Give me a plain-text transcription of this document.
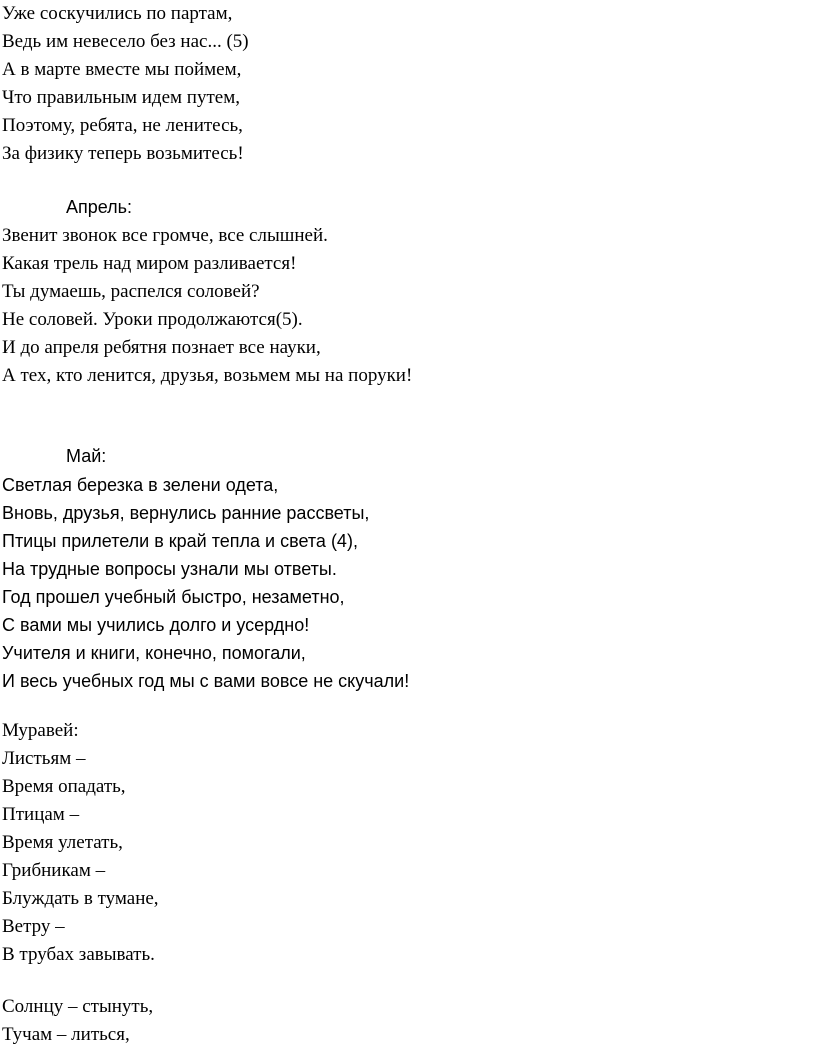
Уже соскучились по партам,
Ведь им невесело без нас... (5)
А в марте вместе мы поймем,
Что правильным идем путем,
Поэтому, ребята, не ленитесь,
За физику теперь возьмитесь!
Апрель:
Звенит звонок все громче, все слышней.
Какая трель над миром разливается!
Ты думаешь, распелся соловей?
Не соловей. Уроки продолжаются(5).
И до апреля ребятня познает все науки,
А тех, кто ленится, друзья, возьмем мы на поруки!
Май:
Светлая березка в зелени одета,
Вновь, друзья, вернулись ранние рассветы,
Птицы прилетели в край тепла и света (4),
На трудные вопросы узнали мы ответы.
Год прошел учебный быстро, незаметно,
С вами мы учились долго и усердно!
Учителя и книги, конечно, помогали,
И весь учебных год мы с вами вовсе не скучали!
Муравей:
Листьям –
Время опадать,
Птицам –
Время улетать,
Грибникам –
Блуждать в тумане,
Ветру –
В трубах завывать.
Солнцу – стынуть,
Тучам – литься,
